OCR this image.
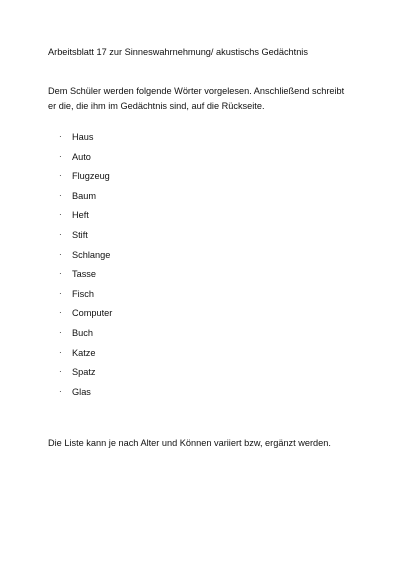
Arbeitsblatt 17 zur Sinneswahrnehmung/ akustischs Gedächtnis
Dem Schüler werden folgende Wörter vorgelesen. Anschließend schreibt er die, die ihm im Gedächtnis sind, auf die Rückseite.
· Haus
· Auto
· Flugzeug
· Baum
· Heft
· Stift
· Schlange
· Tasse
· Fisch
· Computer
· Buch
· Katze
· Spatz
· Glas
Die Liste kann je nach Alter und Können variiert bzw, ergänzt werden.
